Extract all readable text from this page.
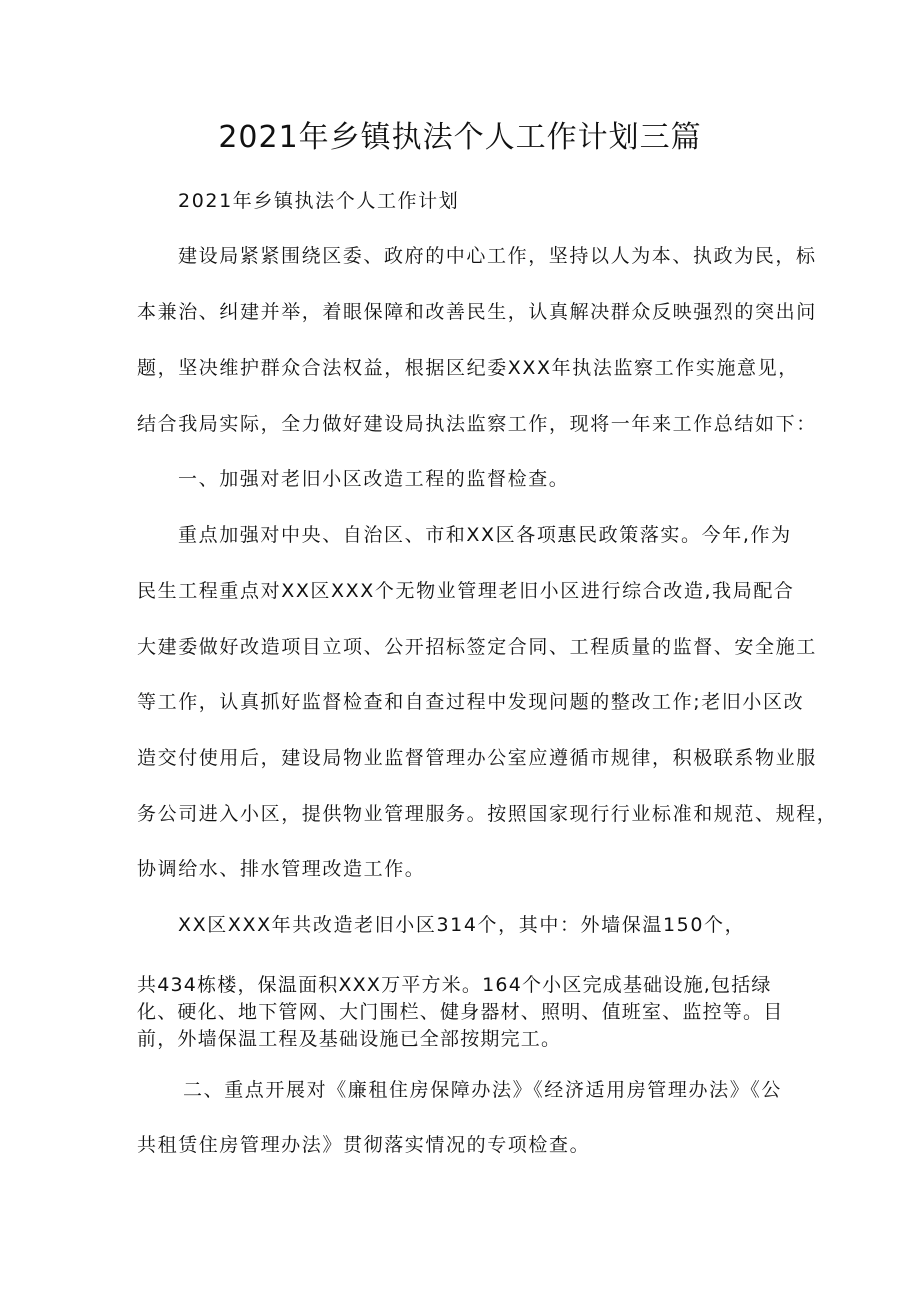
2021年乡镇执法个人工作计划三篇
2021年乡镇执法个人工作计划
建设局紧紧围绕区委、政府的中心工作，坚持以人为本、执政为民，标
本兼治、纠建并举，着眼保障和改善民生，认真解决群众反映强烈的突出问
题，坚决维护群众合法权益，根据区纪委XXX年执法监察工作实施意见，
结合我局实际，全力做好建设局执法监察工作，现将一年来工作总结如下：
一、加强对老旧小区改造工程的监督检查。
重点加强对中央、自治区、市和XX区各项惠民政策落实。今年,作为
民生工程重点对XX区XXX个无物业管理老旧小区进行综合改造,我局配合
大建委做好改造项目立项、公开招标签定合同、工程质量的监督、安全施工
等工作，认真抓好监督检查和自查过程中发现问题的整改工作;老旧小区改
造交付使用后，建设局物业监督管理办公室应遵循市规律，积极联系物业服
务公司进入小区，提供物业管理服务。按照国家现行行业标准和规范、规程，
协调给水、排水管理改造工作。
XX区XXX年共改造老旧小区314个，其中：外墙保温150个，
共434栋楼，保温面积XXX万平方米。164个小区完成基础设施,包括绿
化、硬化、地下管网、大门围栏、健身器材、照明、值班室、监控等。目
前，外墙保温工程及基础设施已全部按期完工。
二、重点开展对《廉租住房保障办法》《经济适用房管理办法》《公
共租赁住房管理办法》贯彻落实情况的专项检查。
